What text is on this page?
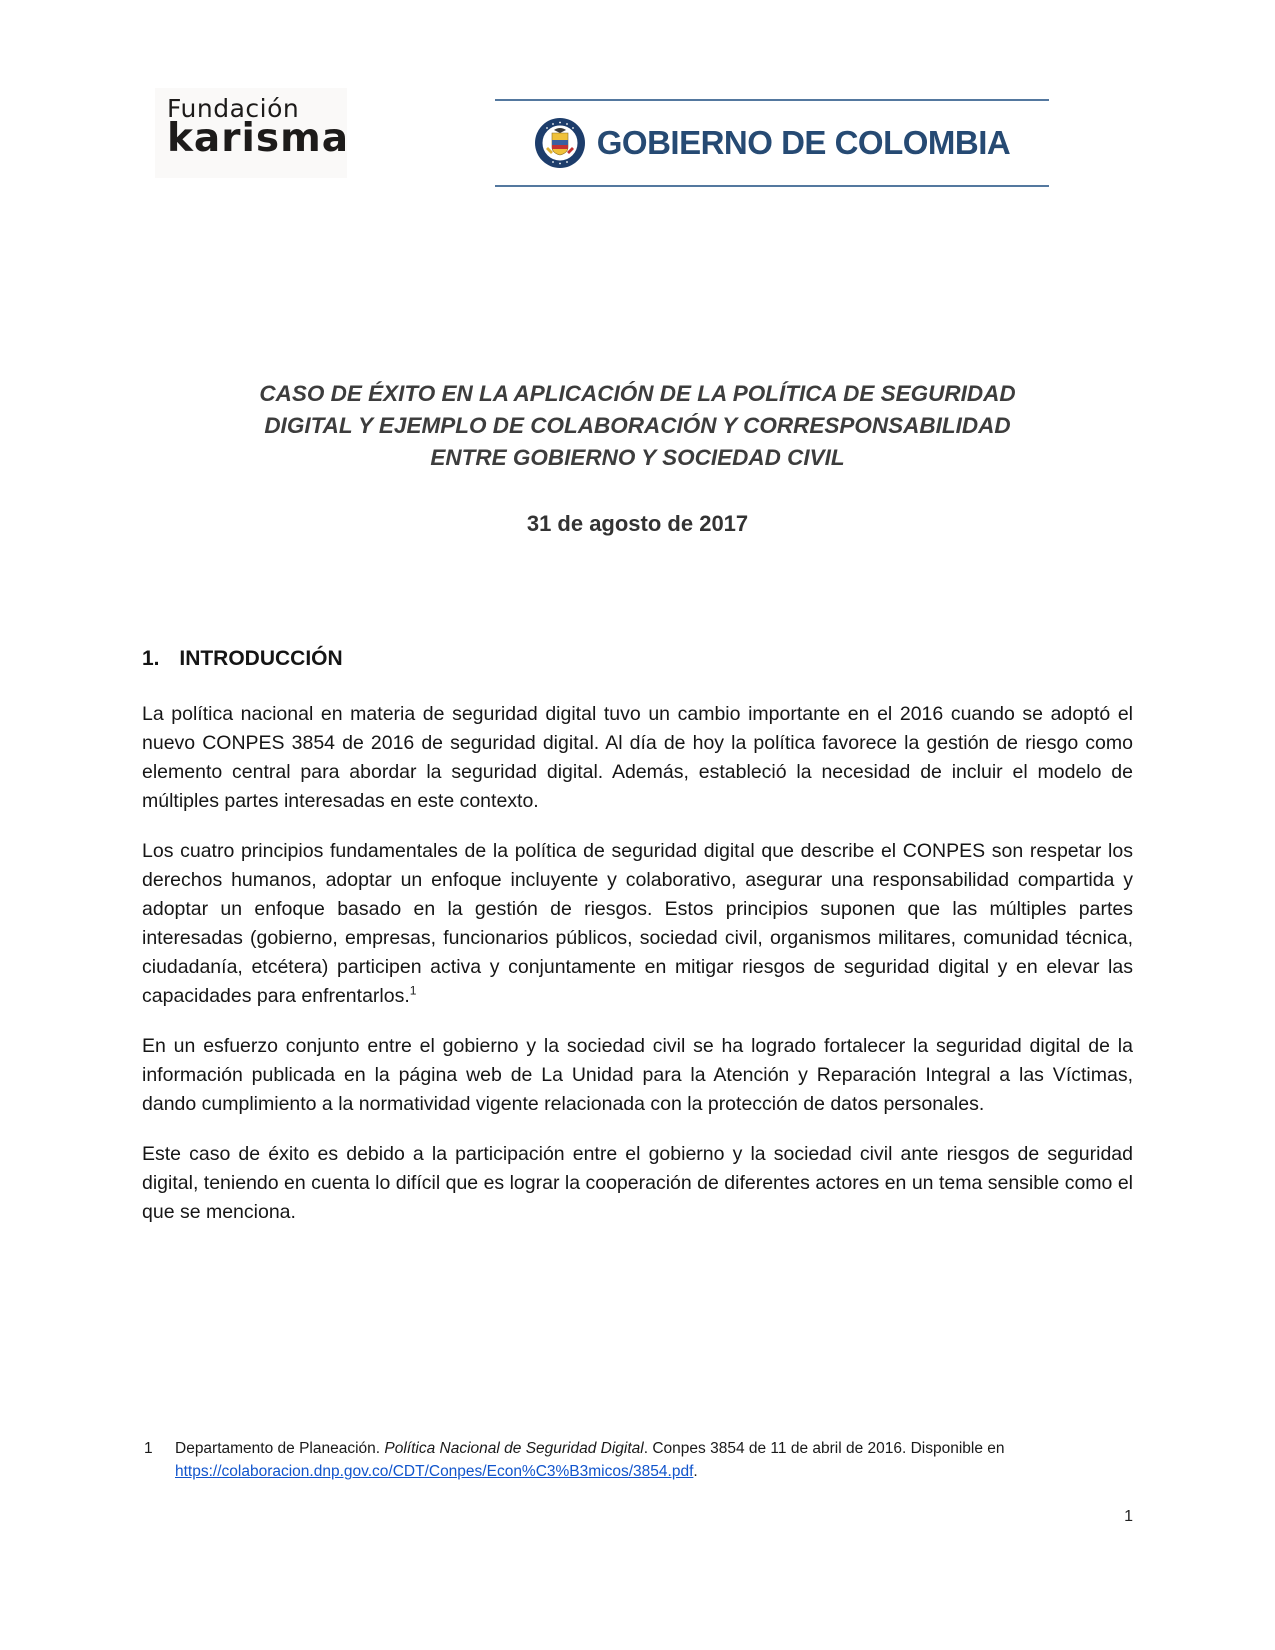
Fundación
karisma	GOBIERNO DE COLOMBIA
CASO DE ÉXITO EN LA APLICACIÓN DE LA POLÍTICA DE SEGURIDAD
DIGITAL Y EJEMPLO DE COLABORACIÓN Y CORRESPONSABILIDAD
ENTRE GOBIERNO Y SOCIEDAD CIVIL
31 de agosto de 2017
1. INTRODUCCIÓN

La política nacional en materia de seguridad digital tuvo un cambio importante en el 2016 cuando se adoptó el nuevo CONPES 3854 de 2016 de seguridad digital. Al día de hoy la política favorece la gestión de riesgo como elemento central para abordar la seguridad digital. Además, estableció la necesidad de incluir el modelo de múltiples partes interesadas en este contexto.

Los cuatro principios fundamentales de la política de seguridad digital que describe el CONPES son respetar los derechos humanos, adoptar un enfoque incluyente y colaborativo, asegurar una responsabilidad compartida y adoptar un enfoque basado en la gestión de riesgos. Estos principios suponen que las múltiples partes interesadas (gobierno, empresas, funcionarios públicos, sociedad civil, organismos militares, comunidad técnica, ciudadanía, etcétera) participen activa y conjuntamente en mitigar riesgos de seguridad digital y en elevar las capacidades para enfrentarlos.$^1$

En un esfuerzo conjunto entre el gobierno y la sociedad civil se ha logrado fortalecer la seguridad digital de la información publicada en la página web de La Unidad para la Atención y Reparación Integral a las Víctimas, dando cumplimiento a la normatividad vigente relacionada con la protección de datos personales.

Este caso de éxito es debido a la participación entre el gobierno y la sociedad civil ante riesgos de seguridad digital, teniendo en cuenta lo difícil que es lograr la cooperación de diferentes actores en un tema sensible como el que se menciona.

1	Departamento de Planeación. Política Nacional de Seguridad Digital. Conpes 3854 de 11 de abril de 2016. Disponible en https://colaboracion.dnp.gov.co/CDT/Conpes/Econ%C3%B3micos/3854.pdf.
1
